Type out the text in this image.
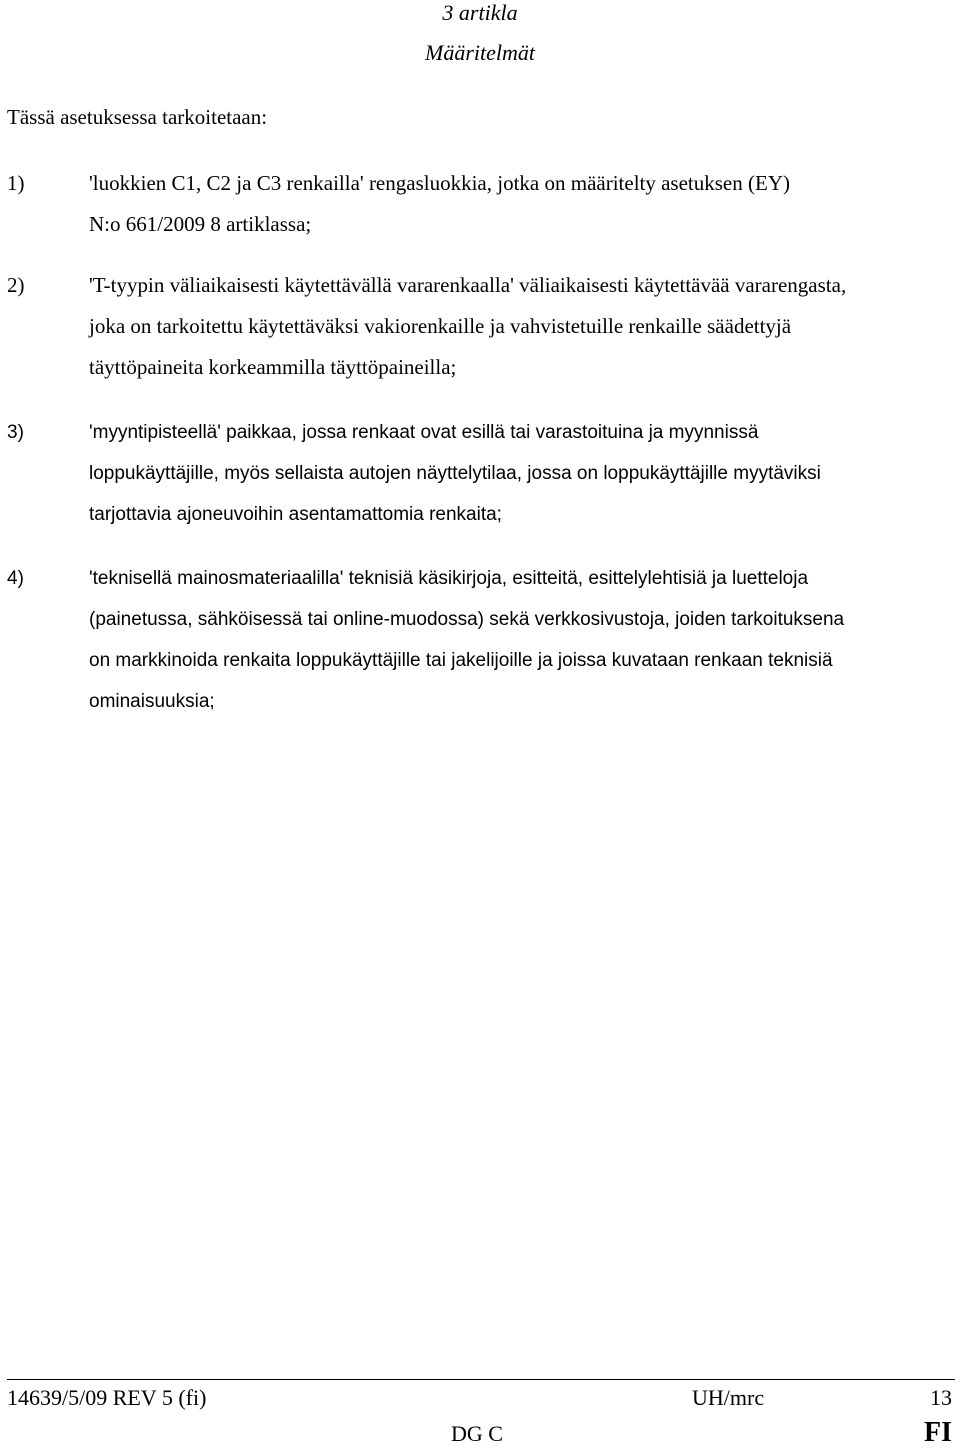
3 artikla
Määritelmät
Tässä asetuksessa tarkoitetaan:
1)	'luokkien C1, C2 ja C3 renkailla' rengasluokkia, jotka on määritelty asetuksen (EY)
N:o 661/2009 8 artiklassa;
2)	'T-tyypin väliaikaisesti käytettävällä vararenkaalla' väliaikaisesti käytettävää vararengasta,
joka on tarkoitettu käytettäväksi vakiorenkaille ja vahvistetuille renkaille säädettyjä
täyttöpaineita korkeammilla täyttöpaineilla;
3)	'myyntipisteellä' paikkaa, jossa renkaat ovat esillä tai varastoituina ja myynnissä
loppukäyttäjille, myös sellaista autojen näyttelytilaa, jossa on loppukäyttäjille myytäviksi
tarjottavia ajoneuvoihin asentamattomia renkaita;
4)	'teknisellä mainosmateriaalilla' teknisiä käsikirjoja, esitteitä, esittelylehtisiä ja luetteloja
(painetussa, sähköisessä tai online-muodossa) sekä verkkosivustoja, joiden tarkoituksena
on markkinoida renkaita loppukäyttäjille tai jakelijoille ja joissa kuvataan renkaan teknisiä
ominaisuuksia;
14639/5/09 REV 5 (fi)	UH/mrc	13
DG C	FI
